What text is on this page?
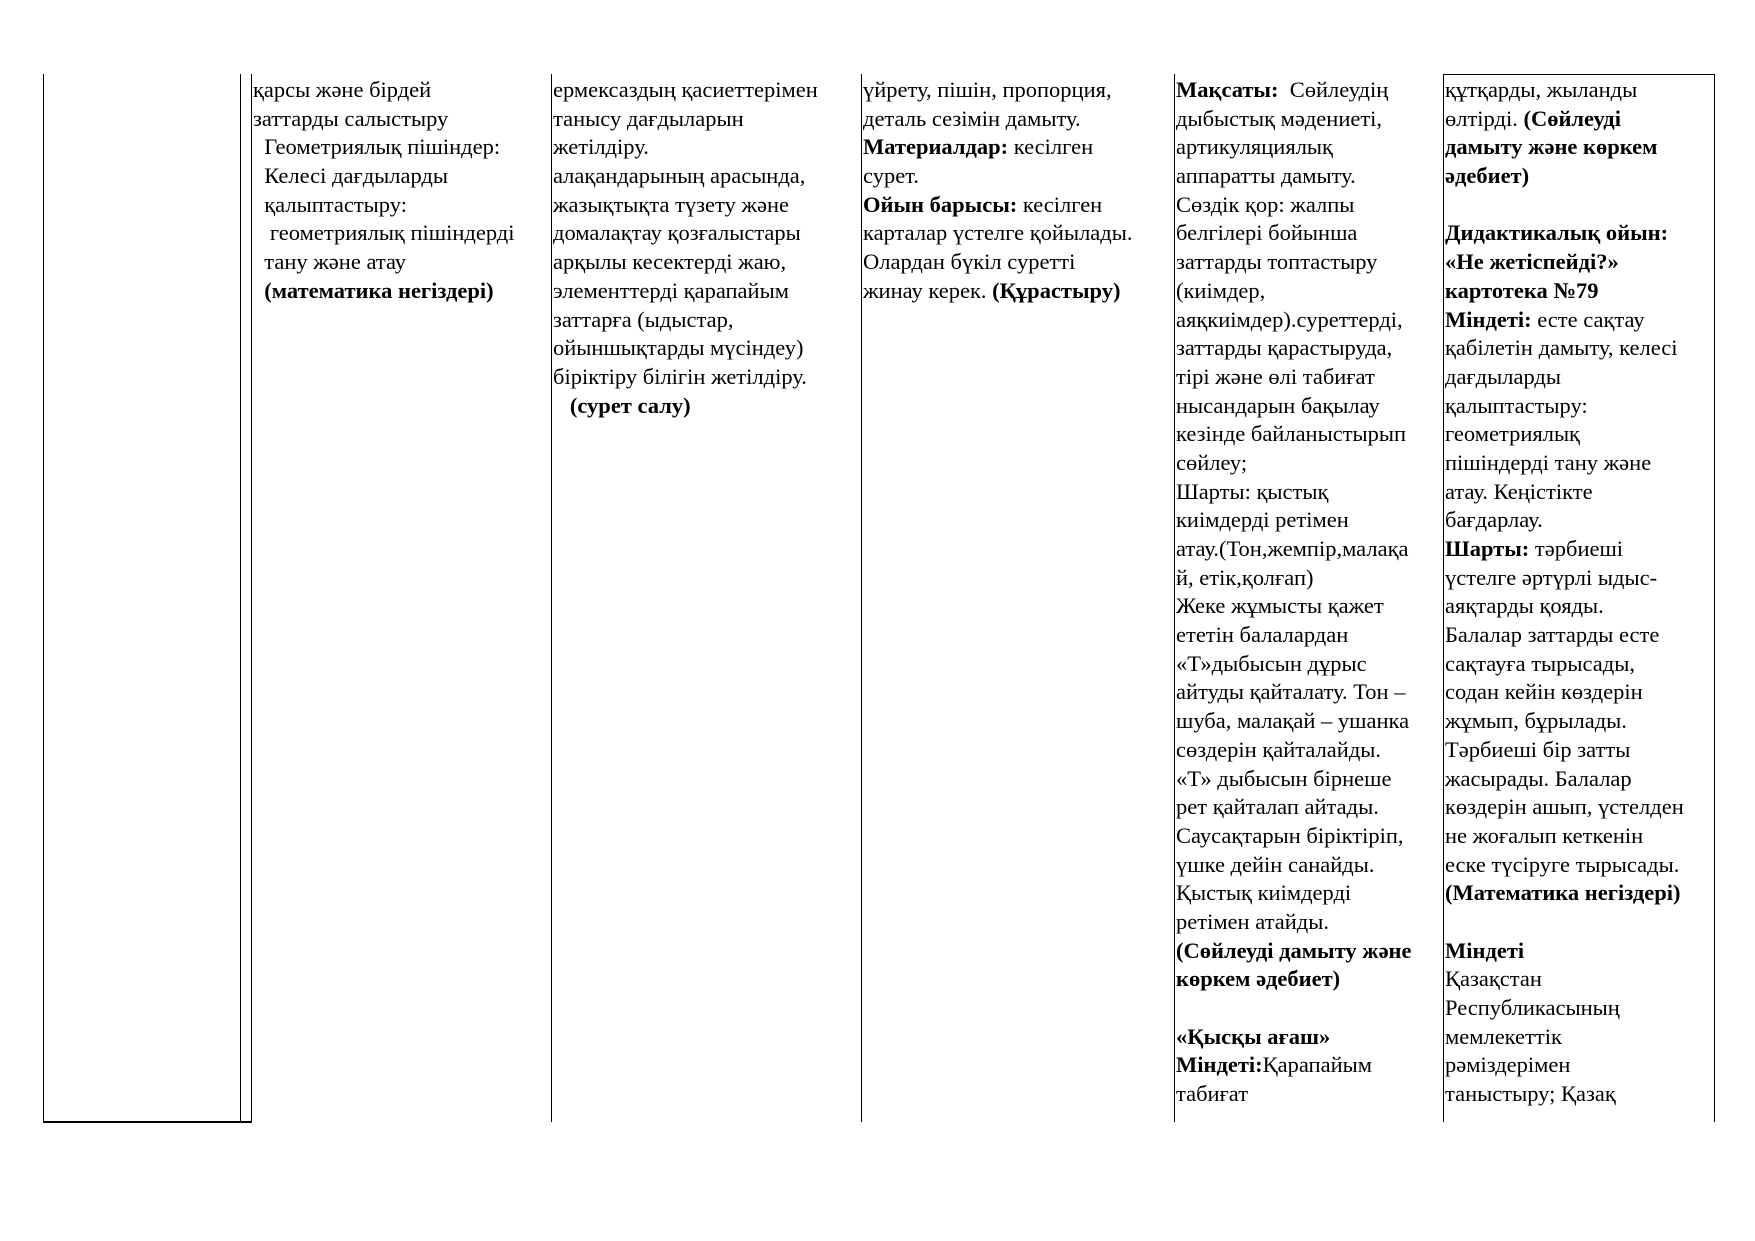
қарсы және бірдей
заттарды салыстыру
Геометриялық пішіндер:
Келесі дағдыларды
қалыптастыру:
геометриялық пішіндерді
тану және атау
(математика негіздері)
ермексаздың қасиеттерімен
танысу дағдыларын
жетілдіру.
алақандарының арасында,
жазықтықта түзету және
домалақтау қозғалыстары
арқылы кесектерді жаю,
элементтерді қарапайым
заттарға (ыдыстар,
ойыншықтарды мүсіндеу)
біріктіру білігін жетілдіру.
(сурет салу)
үйрету, пішін, пропорция,
деталь сезімін дамыту.
Материалдар: кесілген
сурет.
Ойын барысы: кесілген
карталар үстелге қойылады.
Олардан бүкіл суретті
жинау керек. (Құрастыру)
Мақсаты:  Сөйлеудің
дыбыстық мәдениеті,
артикуляциялық
аппаратты дамыту.
Сөздік қор: жалпы
белгілері бойынша
заттарды топтастыру
(киімдер,
аяқкиімдер).суреттерді,
заттарды қарастыруда,
тірі және өлі табиғат
нысандарын бақылау
кезінде байланыстырып
сөйлеу;
Шарты: қыстық
киімдерді ретімен
атау.(Тон,жемпір,малақа
й, етік,қолғап)
Жеке жұмысты қажет
ететін балалардан
«Т»дыбысын дұрыс
айтуды қайталату. Тон –
шуба, малақай – ушанка
сөздерін қайталайды.
«Т» дыбысын бірнеше
рет қайталап айтады.
Саусақтарын біріктіріп,
үшке дейін санайды.
Қыстық киімдерді
ретімен атайды.
(Сөйлеуді дамыту және
көркем әдебиет)
«Қысқы ағаш»
Міндеті:Қарапайым
табиғат
құтқарды, жыланды
өлтірді. (Сөйлеуді
дамыту және көркем
әдебиет)
Дидактикалық ойын:
«Не жетіспейді?»
картотека №79
Міндеті: есте сақтау
қабілетін дамыту, келесі
дағдыларды
қалыптастыру:
геометриялық
пішіндерді тану және
атау. Кеңістікте
бағдарлау.
Шарты: тәрбиеші
үстелге әртүрлі ыдыс-
аяқтарды қояды.
Балалар заттарды есте
сақтауға тырысады,
содан кейін көздерін
жұмып, бұрылады.
Тәрбиеші бір затты
жасырады. Балалар
көздерін ашып, үстелден
не жоғалып кеткенін
еске түсіруге тырысады.
(Математика негіздері)
Міндеті
Қазақстан
Республикасының
мемлекеттік
рәміздерімен
таныстыру; Қазақ
